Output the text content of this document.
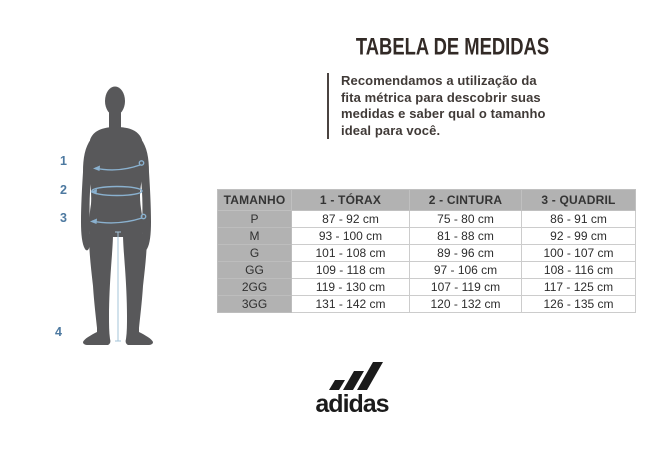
1
2
3
4
TABELA DE MEDIDAS
Recomendamos a utilização da
fita métrica para descobrir suas
medidas e saber qual o tamanho
ideal para você.
TAMANHO	1 - TÓRAX	2 - CINTURA	3 - QUADRIL
P	87 - 92 cm	75 - 80 cm	86 - 91 cm
M	93 - 100 cm	81 - 88 cm	92 - 99 cm
G	101 - 108 cm	89 - 96 cm	100 - 107 cm
GG	109 - 118 cm	97 - 106 cm	108 - 116 cm
2GG	119 - 130 cm	107 - 119 cm	117 - 125 cm
3GG	131 - 142 cm	120 - 132 cm	126 - 135 cm
adidas
